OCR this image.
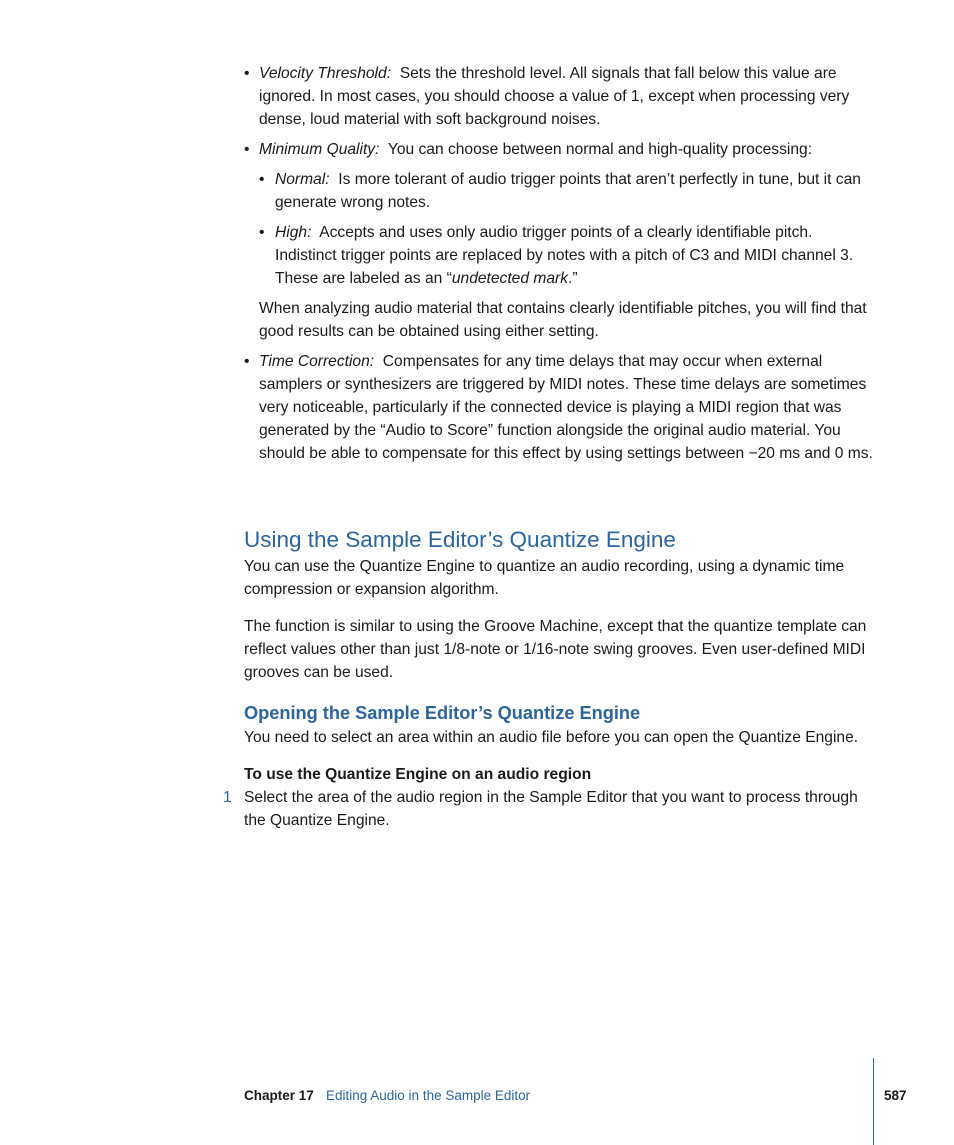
• Velocity Threshold: Sets the threshold level. All signals that fall below this value are ignored. In most cases, you should choose a value of 1, except when processing very dense, loud material with soft background noises.
• Minimum Quality: You can choose between normal and high-quality processing:
• Normal: Is more tolerant of audio trigger points that aren’t perfectly in tune, but it can generate wrong notes.
• High: Accepts and uses only audio trigger points of a clearly identifiable pitch. Indistinct trigger points are replaced by notes with a pitch of C3 and MIDI channel 3. These are labeled as an “undetected mark.”

When analyzing audio material that contains clearly identifiable pitches, you will find that good results can be obtained using either setting.

• Time Correction: Compensates for any time delays that may occur when external samplers or synthesizers are triggered by MIDI notes. These time delays are sometimes very noticeable, particularly if the connected device is playing a MIDI region that was generated by the “Audio to Score” function alongside the original audio material. You should be able to compensate for this effect by using settings between −20 ms and 0 ms.
Using the Sample Editor’s Quantize Engine

You can use the Quantize Engine to quantize an audio recording, using a dynamic time compression or expansion algorithm.

The function is similar to using the Groove Machine, except that the quantize template can reflect values other than just 1/8-note or 1/16-note swing grooves. Even user-defined MIDI grooves can be used.

Opening the Sample Editor’s Quantize Engine

You need to select an area within an audio file before you can open the Quantize Engine.

To use the Quantize Engine on an audio region
1 Select the area of the audio region in the Sample Editor that you want to process through the Quantize Engine.

Chapter 17 Editing Audio in the Sample Editor	587
